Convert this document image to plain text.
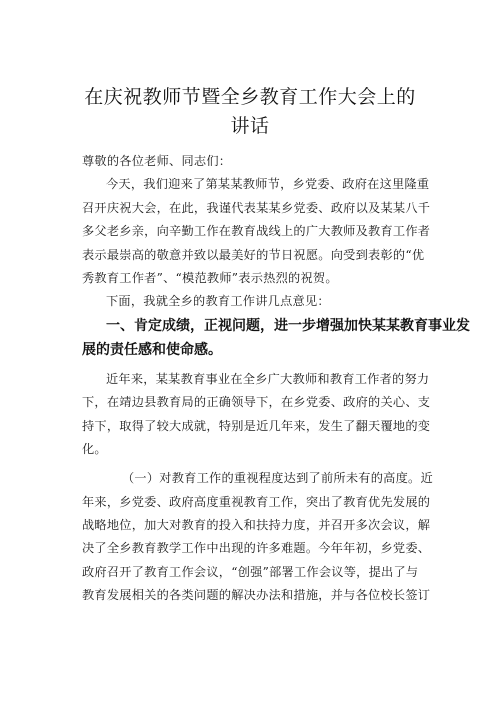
在庆祝教师节暨全乡教育工作大会上的
讲话
尊敬的各位老师、同志们：
今天，我们迎来了第某某教师节，乡党委、政府在这里隆重
召开庆祝大会，在此，我谨代表某某乡党委、政府以及某某八千
多父老乡亲，向辛勤工作在教育战线上的广大教师及教育工作者
表示最崇高的敬意并致以最美好的节日祝愿。向受到表彰的“优
秀教育工作者”、“模范教师”表示热烈的祝贺。
下面，我就全乡的教育工作讲几点意见：
一、肯定成绩，正视问题，进一步增强加快某某教育事业发
展的责任感和使命感。
近年来，某某教育事业在全乡广大教师和教育工作者的努力
下，在靖边县教育局的正确领导下，在乡党委、政府的关心、支
持下，取得了较大成就，特别是近几年来，发生了翻天覆地的变
化。
（一）对教育工作的重视程度达到了前所未有的高度。近
年来，乡党委、政府高度重视教育工作，突出了教育优先发展的
战略地位，加大对教育的投入和扶持力度，并召开多次会议，解
决了全乡教育教学工作中出现的许多难题。今年年初，乡党委、
政府召开了教育工作会议，“创强”部署工作会议等，提出了与
教育发展相关的各类问题的解决办法和措施，并与各位校长签订
